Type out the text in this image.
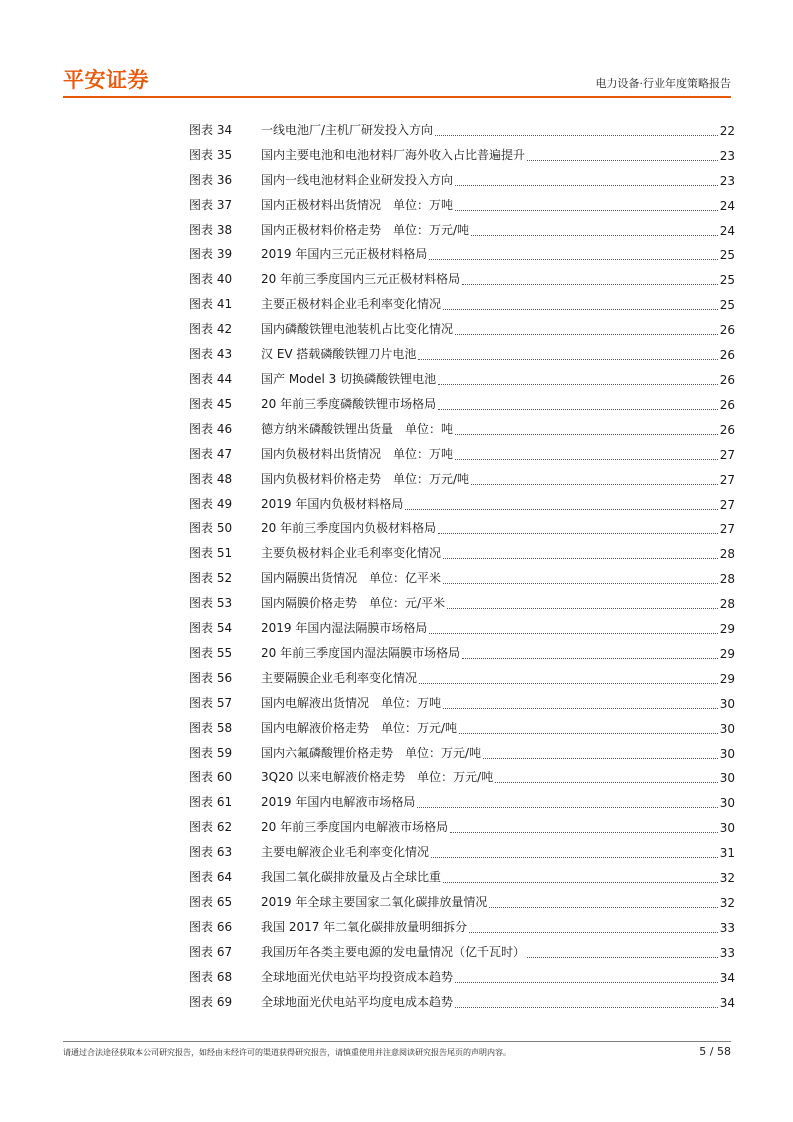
平安证券	电力设备·行业年度策略报告
图表 34	一线电池厂/主机厂研发投入方向	22
图表 35	国内主要电池和电池材料厂海外收入占比普遍提升	23
图表 36	国内一线电池材料企业研发投入方向	23
图表 37	国内正极材料出货情况　单位：万吨	24
图表 38	国内正极材料价格走势　单位：万元/吨	24
图表 39	2019 年国内三元正极材料格局	25
图表 40	20 年前三季度国内三元正极材料格局	25
图表 41	主要正极材料企业毛利率变化情况	25
图表 42	国内磷酸铁锂电池装机占比变化情况	26
图表 43	汉 EV 搭载磷酸铁锂刀片电池	26
图表 44	国产 Model 3 切换磷酸铁锂电池	26
图表 45	20 年前三季度磷酸铁锂市场格局	26
图表 46	德方纳米磷酸铁锂出货量　单位：吨	26
图表 47	国内负极材料出货情况　单位：万吨	27
图表 48	国内负极材料价格走势　单位：万元/吨	27
图表 49	2019 年国内负极材料格局	27
图表 50	20 年前三季度国内负极材料格局	27
图表 51	主要负极材料企业毛利率变化情况	28
图表 52	国内隔膜出货情况　单位：亿平米	28
图表 53	国内隔膜价格走势　单位：元/平米	28
图表 54	2019 年国内湿法隔膜市场格局	29
图表 55	20 年前三季度国内湿法隔膜市场格局	29
图表 56	主要隔膜企业毛利率变化情况	29
图表 57	国内电解液出货情况　单位：万吨	30
图表 58	国内电解液价格走势　单位：万元/吨	30
图表 59	国内六氟磷酸锂价格走势　单位：万元/吨	30
图表 60	3Q20 以来电解液价格走势　单位：万元/吨	30
图表 61	2019 年国内电解液市场格局	30
图表 62	20 年前三季度国内电解液市场格局	30
图表 63	主要电解液企业毛利率变化情况	31
图表 64	我国二氧化碳排放量及占全球比重	32
图表 65	2019 年全球主要国家二氧化碳排放量情况	32
图表 66	我国 2017 年二氧化碳排放量明细拆分	33
图表 67	我国历年各类主要电源的发电量情况（亿千瓦时）	33
图表 68	全球地面光伏电站平均投资成本趋势	34
图表 69	全球地面光伏电站平均度电成本趋势	34
请通过合法途径获取本公司研究报告，如经由未经许可的渠道获得研究报告，请慎重使用并注意阅读研究报告尾页的声明内容。	5 / 58
